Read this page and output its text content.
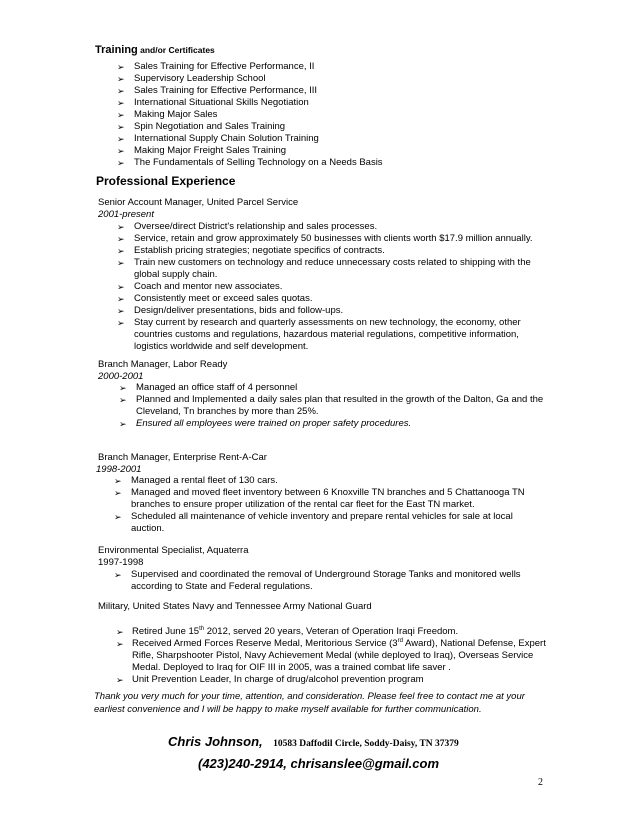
Training and/or Certificates
➢ Sales Training for Effective Performance, II
➢ Supervisory Leadership School
➢ Sales Training for Effective Performance, III
➢ International Situational Skills Negotiation
➢ Making Major Sales
➢ Spin Negotiation and Sales Training
➢ International Supply Chain Solution Training
➢ Making Major Freight Sales Training
➢ The Fundamentals of Selling Technology on a Needs Basis
Professional Experience
Senior Account Manager, United Parcel Service
2001-present
➢ Oversee/direct District's relationship and sales processes.
➢ Service, retain and grow approximately 50 businesses with clients worth $17.9 million annually.
➢ Establish pricing strategies; negotiate specifics of contracts.
➢ Train new customers on technology and reduce unnecessary costs related to shipping with the
global supply chain.
➢ Coach and mentor new associates.
➢ Consistently meet or exceed sales quotas.
➢ Design/deliver presentations, bids and follow-ups.
➢ Stay current by research and quarterly assessments on new technology, the economy, other
countries customs and regulations, hazardous material regulations, competitive information,
logistics worldwide and self development.
Branch Manager, Labor Ready
2000-2001
➢ Managed an office staff of 4 personnel
➢ Planned and Implemented a daily sales plan that resulted in the growth of the Dalton, Ga and the
Cleveland, Tn branches by more than 25%.
➢ Ensured all employees were trained on proper safety procedures.
Branch Manager, Enterprise Rent-A-Car
1998-2001
➢ Managed a rental fleet of 130 cars.
➢ Managed and moved fleet inventory between 6 Knoxville TN branches and 5 Chattanooga TN
branches to ensure proper utilization of the rental car fleet for the East TN market.
➢ Scheduled all maintenance of vehicle inventory and prepare rental vehicles for sale at local
auction.
Environmental Specialist, Aquaterra
1997-1998
➢ Supervised and coordinated the removal of Underground Storage Tanks and monitored wells
according to State and Federal regulations.
Military, United States Navy and Tennessee Army National Guard
➢ Retired June 15th 2012, served 20 years, Veteran of Operation Iraqi Freedom.
➢ Received Armed Forces Reserve Medal, Meritorious Service (3rd Award), National Defense, Expert
Rifle, Sharpshooter Pistol, Navy Achievement Medal (while deployed to Iraq), Overseas Service
Medal. Deployed to Iraq for OIF III in 2005, was a trained combat life saver .
➢ Unit Prevention Leader, In charge of drug/alcohol prevention program
Thank you very much for your time, attention, and consideration. Please feel free to contact me at your
earliest convenience and I will be happy to make myself available for further communication.
Chris Johnson, 10583 Daffodil Circle, Soddy-Daisy, TN 37379
(423)240-2914, chrisanslee@gmail.com
2
